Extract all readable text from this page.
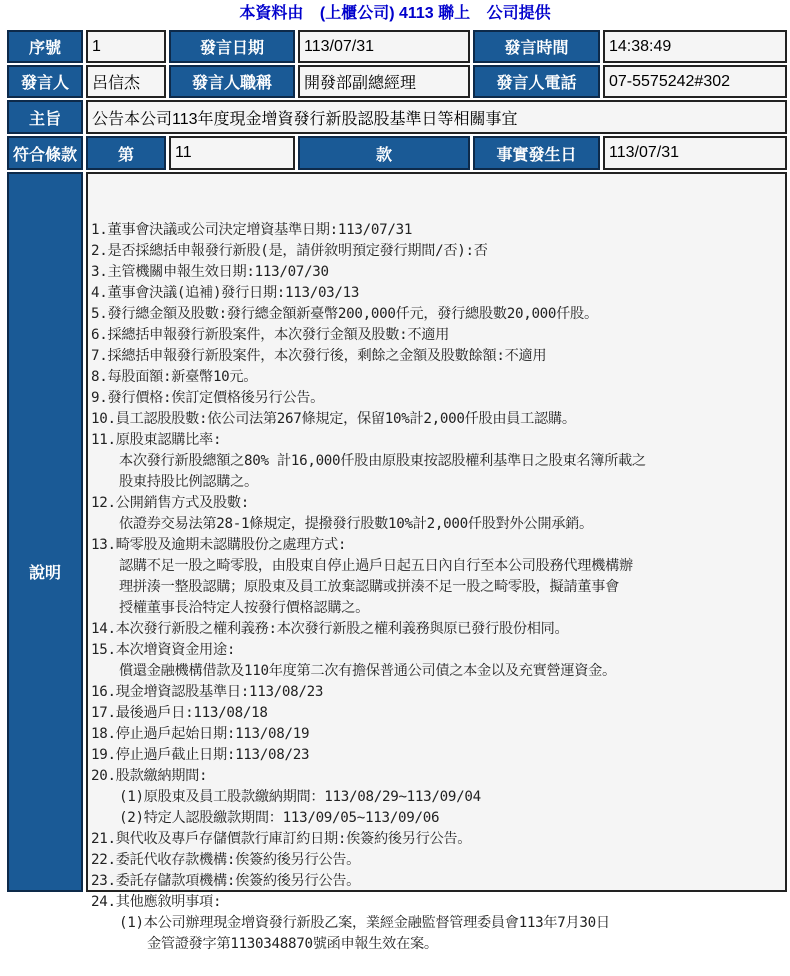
本資料由 (上櫃公司) 4113 聯上 公司提供
序號	1	發言日期	113/07/31	發言時間	14:38:49
發言人	呂信杰	發言人職稱	開發部副總經理	發言人電話	07-5575242#302
主旨	公告本公司113年度現金增資發行新股認股基準日等相關事宜
符合條款	第	11	款	事實發生日	113/07/31
說明

1.董事會決議或公司決定增資基準日期:113/07/31
2.是否採總括申報發行新股(是，請併敘明預定發行期間/否):否
3.主管機關申報生效日期:113/07/30
4.董事會決議(追補)發行日期:113/03/13
5.發行總金額及股數:發行總金額新臺幣200,000仟元，發行總股數20,000仟股。
6.採總括申報發行新股案件，本次發行金額及股數:不適用
7.採總括申報發行新股案件，本次發行後，剩餘之金額及股數餘額:不適用
8.每股面額:新臺幣10元。
9.發行價格:俟訂定價格後另行公告。
10.員工認股股數:依公司法第267條規定，保留10%計2,000仟股由員工認購。
11.原股東認購比率:
本次發行新股總額之80% 計16,000仟股由原股東按認股權利基準日之股東名簿所載之
股東持股比例認購之。
12.公開銷售方式及股數:
依證券交易法第28-1條規定，提撥發行股數10%計2,000仟股對外公開承銷。
13.畸零股及逾期未認購股份之處理方式:
認購不足一股之畸零股，由股東自停止過戶日起五日內自行至本公司股務代理機構辦
理拼湊一整股認購；原股東及員工放棄認購或拼湊不足一股之畸零股，擬請董事會
授權董事長洽特定人按發行價格認購之。
14.本次發行新股之權利義務:本次發行新股之權利義務與原已發行股份相同。
15.本次增資資金用途:
償還金融機構借款及110年度第二次有擔保普通公司債之本金以及充實營運資金。
16.現金增資認股基準日:113/08/23
17.最後過戶日:113/08/18
18.停止過戶起始日期:113/08/19
19.停止過戶截止日期:113/08/23
20.股款繳納期間:
(1)原股東及員工股款繳納期間：113/08/29~113/09/04
(2)特定人認股繳款期間：113/09/05~113/09/06
21.與代收及專戶存儲價款行庫訂約日期:俟簽約後另行公告。
22.委託代收存款機構:俟簽約後另行公告。
23.委託存儲款項機構:俟簽約後另行公告。
24.其他應敘明事項:
(1)本公司辦理現金增資發行新股乙案，業經金融監督管理委員會113年7月30日
金管證發字第1130348870號函申報生效在案。
